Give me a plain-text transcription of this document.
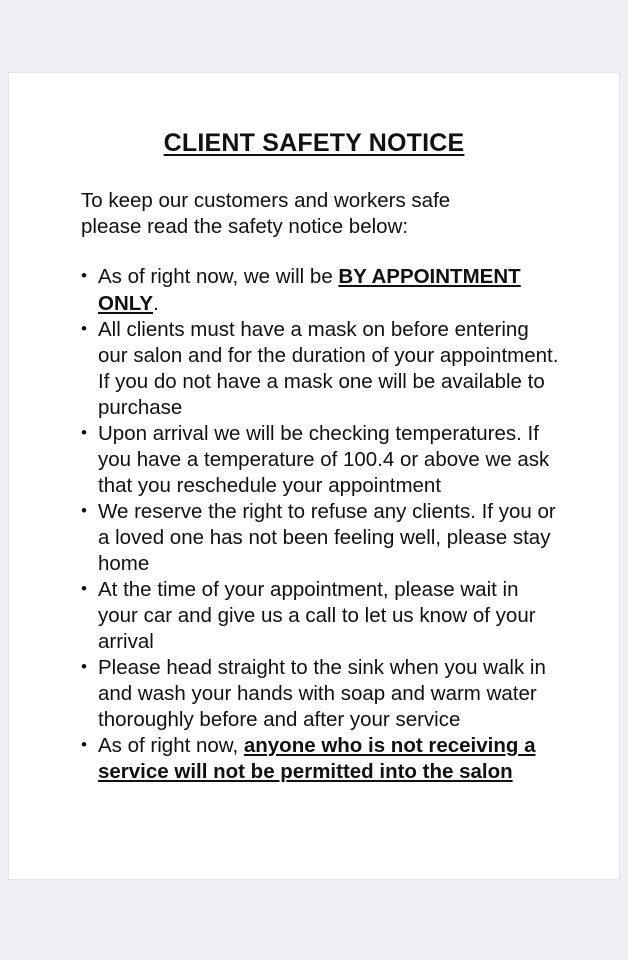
CLIENT SAFETY NOTICE

To keep our customers and workers safe please read the safety notice below:

• As of right now, we will be BY APPOINTMENT ONLY.
• All clients must have a mask on before entering our salon and for the duration of your appointment. If you do not have a mask one will be available to purchase
• Upon arrival we will be checking temperatures. If you have a temperature of 100.4 or above we ask that you reschedule your appointment
• We reserve the right to refuse any clients. If you or a loved one has not been feeling well, please stay home
• At the time of your appointment, please wait in your car and give us a call to let us know of your arrival
• Please head straight to the sink when you walk in and wash your hands with soap and warm water thoroughly before and after your service
• As of right now, anyone who is not receiving a service will not be permitted into the salon
